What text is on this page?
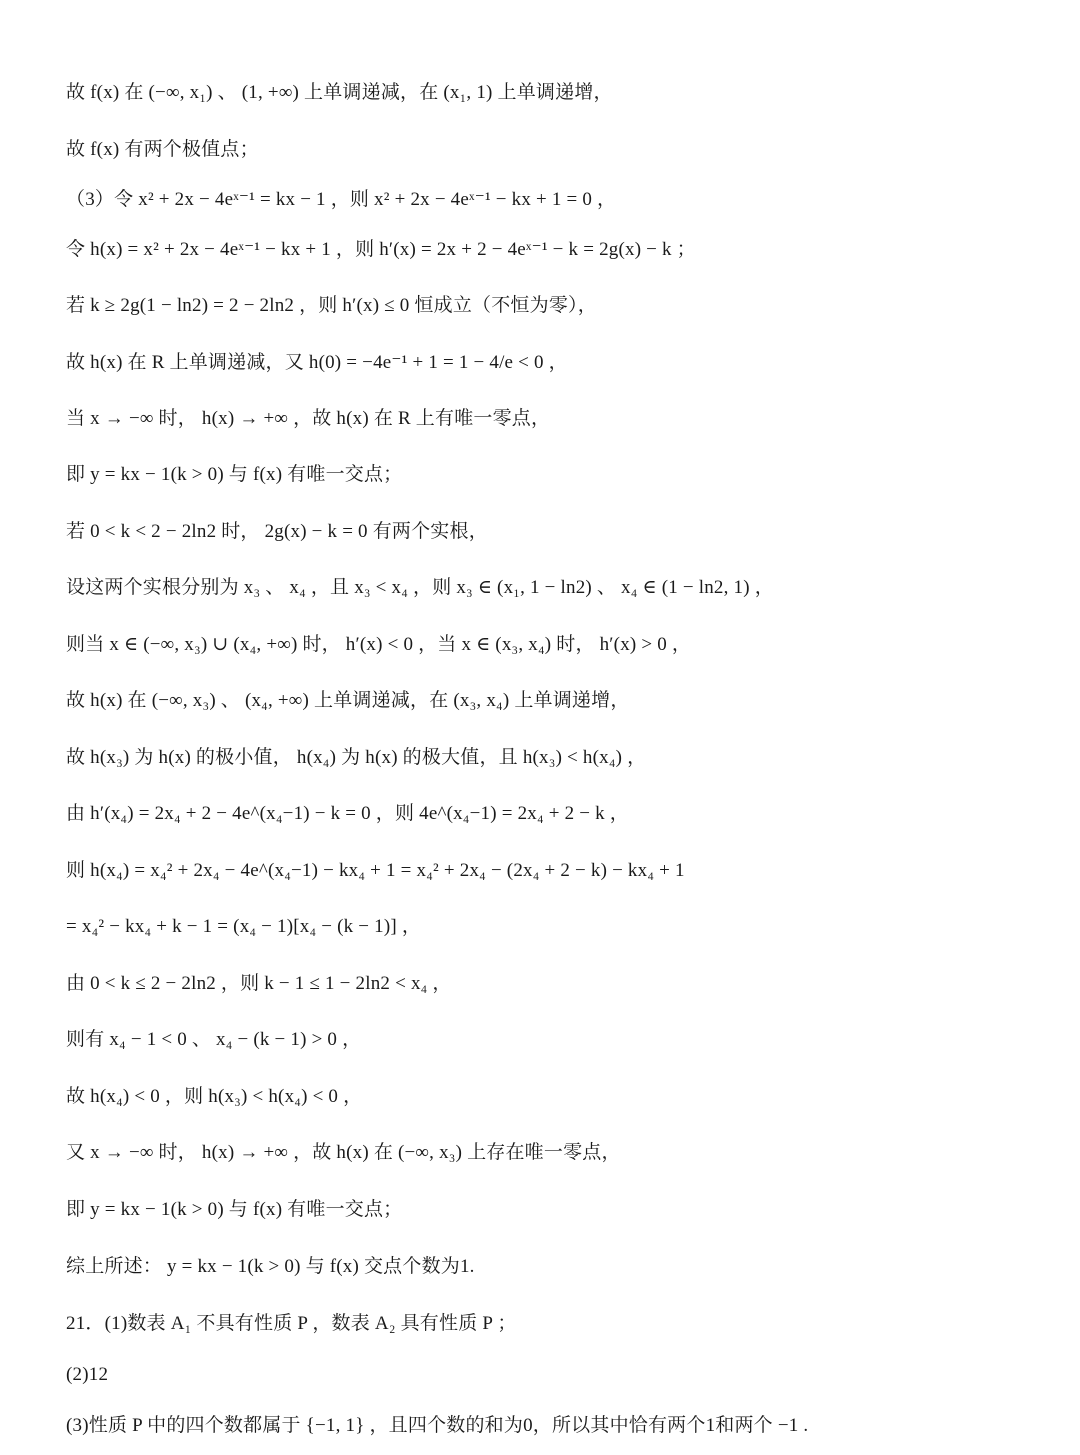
故 f(x) 在 (−∞, x₁) 、 (1, +∞) 上单调递减，在 (x₁, 1) 上单调递增，
故 f(x) 有两个极值点；
（3）令 x² + 2x − 4eˣ⁻¹ = kx − 1 ，则 x² + 2x − 4eˣ⁻¹ − kx + 1 = 0 ，
令 h(x) = x² + 2x − 4eˣ⁻¹ − kx + 1 ，则 h′(x) = 2x + 2 − 4eˣ⁻¹ − k = 2g(x) − k ；
若 k ≥ 2g(1 − ln2) = 2 − 2ln2 ，则 h′(x) ≤ 0 恒成立（不恒为零），
故 h(x) 在 R 上单调递减，又 h(0) = −4e⁻¹ + 1 = 1 − 4/e < 0 ，
当 x → −∞ 时， h(x) → +∞ ，故 h(x) 在 R 上有唯一零点，
即 y = kx − 1(k > 0) 与 f(x) 有唯一交点；
若 0 < k < 2 − 2ln2 时， 2g(x) − k = 0 有两个实根，
设这两个实根分别为 x₃ 、 x₄ ，且 x₃ < x₄ ，则 x₃ ∈ (x₁, 1 − ln2) 、 x₄ ∈ (1 − ln2, 1) ，
则当 x ∈ (−∞, x₃) ∪ (x₄, +∞) 时， h′(x) < 0 ，当 x ∈ (x₃, x₄) 时， h′(x) > 0 ，
故 h(x) 在 (−∞, x₃) 、 (x₄, +∞) 上单调递减，在 (x₃, x₄) 上单调递增，
故 h(x₃) 为 h(x) 的极小值， h(x₄) 为 h(x) 的极大值，且 h(x₃) < h(x₄) ，
由 h′(x₄) = 2x₄ + 2 − 4e^(x₄−1) − k = 0 ，则 4e^(x₄−1) = 2x₄ + 2 − k ，
则 h(x₄) = x₄² + 2x₄ − 4e^(x₄−1) − kx₄ + 1 = x₄² + 2x₄ − (2x₄ + 2 − k) − kx₄ + 1
= x₄² − kx₄ + k − 1 = (x₄ − 1)[x₄ − (k − 1)] ，
由 0 < k ≤ 2 − 2ln2 ，则 k − 1 ≤ 1 − 2ln2 < x₄ ，
则有 x₄ − 1 < 0 、 x₄ − (k − 1) > 0 ，
故 h(x₄) < 0 ，则 h(x₃) < h(x₄) < 0 ，
又 x → −∞ 时， h(x) → +∞ ，故 h(x) 在 (−∞, x₃) 上存在唯一零点，
即 y = kx − 1(k > 0) 与 f(x) 有唯一交点；
综上所述： y = kx − 1(k > 0) 与 f(x) 交点个数为1.
21．(1)数表 A₁ 不具有性质 P ，数表 A₂ 具有性质 P ；
(2)12
(3)性质 P 中的四个数都属于 {−1, 1} ，且四个数的和为0，所以其中恰有两个1和两个 −1 .
